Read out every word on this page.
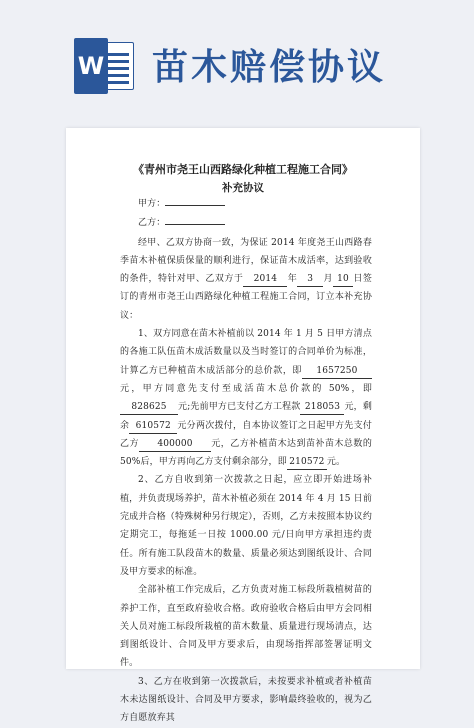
W 苗木赔偿协议
《青州市尧王山西路绿化种植工程施工合同》
补充协议

甲方：

乙方：

经甲、乙双方协商一致，为保证 2014 年度尧王山西路春季苗木补植保质保量的顺利进行，保证苗木成活率，达到验收的条件，特针对甲、乙双方于 2014 年 3 月 10 日签订的青州市尧王山西路绿化种植工程施工合同，订立本补充协议：

1、双方同意在苗木补植前以 2014 年 1 月 5 日甲方清点的各施工队伍苗木成活数量以及当时签订的合同单价为标准，计算乙方已种植苗木成活部分的总价款，即 1657250元，甲方同意先支付至成活苗木总价款的 50%，即828625 元;先前甲方已支付乙方工程款 218053 元，剩余 610572 元分两次拨付，自本协议签订之日起甲方先支付乙方 400000 元，乙方补植苗木达到苗补苗木总数的50%后，甲方再向乙方支付剩余部分，即 210572 元。

2、乙方自收到第一次拨款之日起，应立即开始进场补植，并负责现场养护，苗木补植必须在 2014 年 4 月 15 日前完成并合格（特殊树种另行规定），否则，乙方未按照本协议约定期完工，每拖延一日按 1000.00 元/日向甲方承担违约责任。所有施工队段苗木的数量、质量必须达到图纸设计、合同及甲方要求的标准。

全部补植工作完成后，乙方负责对施工标段所栽植树苗的养护工作，直至政府验收合格。政府验收合格后由甲方会同相关人员对施工标段所栽植的苗木数量、质量进行现场清点，达到图纸设计、合同及甲方要求后，由现场指挥部签署证明文件。

3、乙方在收到第一次拨款后，未按要求补植或者补植苗木未达图纸设计、合同及甲方要求，影响最终验收的，视为乙方自愿放弃其
